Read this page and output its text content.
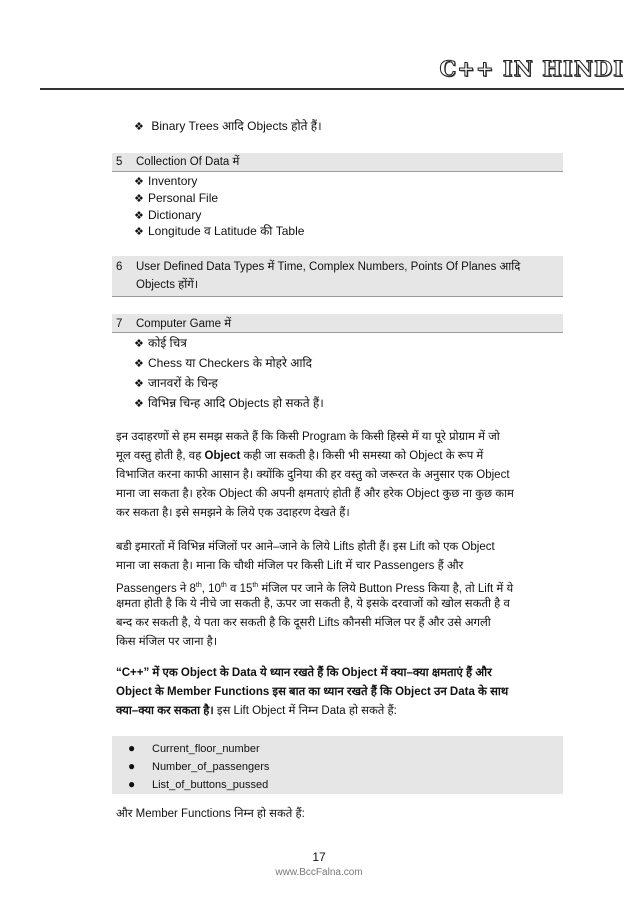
C++ IN HINDI
❖ Binary Trees आदि Objects होते हैं।
5 Collection Of Data में
❖ Inventory
❖ Personal File
❖ Dictionary
❖ Longitude व Latitude की Table
6 User Defined Data Types में Time, Complex Numbers, Points Of Planes आदि
Objects होंगें।
7 Computer Game में
❖ कोई चित्र
❖ Chess या Checkers के मोहरे आदि
❖ जानवरों के चिन्ह
❖ विभिन्न चिन्ह आदि Objects हो सकते हैं।
इन उदाहरणों से हम समझ सकते हैं कि किसी Program के किसी हिस्से में या पूरे प्रोग्राम में जो
मूल वस्तु होती है, वह Object कही जा सकती है। किसी भी समस्या को Object के रूप में
विभाजित करना काफी आसान है। क्योंकि दुनिया की हर वस्तु को जरूरत के अनुसार एक Object
माना जा सकता है। हरेक Object की अपनी क्षमताएं होती हैं और हरेक Object कुछ ना कुछ काम
कर सकता है। इसे समझने के लिये एक उदाहरण देखते हैं।
बडी इमारतों में विभिन्न मंजिलों पर आने–जाने के लिये Lifts होती हैं। इस Lift को एक Object
माना जा सकता है। माना कि चौथी मंजिल पर किसी Lift में चार Passengers हैं और
Passengers ने 8th, 10th व 15th मंजिल पर जाने के लिये Button Press किया है, तो Lift में ये
क्षमता होती है कि ये नीचे जा सकती है, ऊपर जा सकती है, ये इसके दरवाजों को खोल सकती है व
बन्द कर सकती है, ये पता कर सकती है कि दूसरी Lifts कौनसी मंजिल पर हैं और उसे अगली
किस मंजिल पर जाना है।
“C++” में एक Object के Data ये ध्यान रखते हैं कि Object में क्या–क्या क्षमताएं हैं और
Object के Member Functions इस बात का ध्यान रखते हैं कि Object उन Data के साथ
क्या–क्या कर सकता है। इस Lift Object में निम्न Data हो सकते हैं:
● Current_floor_number
● Number_of_passengers
● List_of_buttons_pussed
और Member Functions निम्न हो सकते हैं:
17
www.BccFalna.com
